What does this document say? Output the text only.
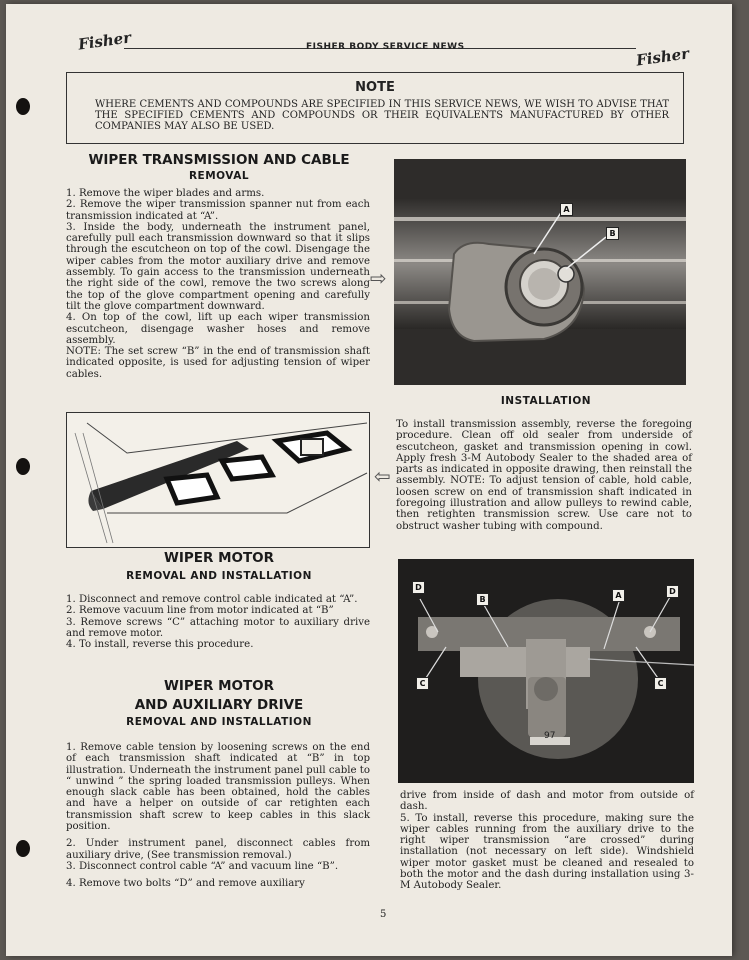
Fisher	FISHER BODY SERVICE NEWS	Fisher
NOTE
WHERE CEMENTS AND COMPOUNDS ARE SPECIFIED IN THIS SERVICE NEWS, WE WISH TO ADVISE THAT THE SPECIFIED CEMENTS AND COMPOUNDS OR THEIR EQUIVALENTS MANUFACTURED BY OTHER COMPANIES MAY ALSO BE USED.
WIPER TRANSMISSION AND CABLE
REMOVAL

1. Remove the wiper blades and arms.

2. Remove the wiper transmission spanner nut from each transmission indicated at “A”.

3. Inside the body, underneath the instrument panel, carefully pull each transmission downward so that it slips through the escutcheon on top of the cowl. Disengage the wiper cables from the motor auxiliary drive and remove assembly. To gain access to the transmission underneath the right side of the cowl, remove the two screws along the top of the glove compartment opening and carefully tilt the glove compartment downward.

4. On top of the cowl, lift up each wiper transmission escutcheon, disengage washer hoses and remove assembly.

NOTE: The set screw “B” in the end of transmission shaft indicated opposite, is used for adjusting tension of wiper cables.

A
B
⇨
INSTALLATION

To install transmission assembly, reverse the foregoing procedure. Clean off old sealer from underside of escutcheon, gasket and transmission opening in cowl. Apply fresh 3-M Autobody Sealer to the shaded area of parts as indicated in opposite drawing, then reinstall the assembly. NOTE: To adjust tension of cable, hold cable, loosen screw on end of transmission shaft indicated in foregoing illustration and allow pulleys to rewind cable, then retighten transmission screw. Use care not to obstruct washer tubing with compound.

⇦
WIPER MOTOR
REMOVAL AND INSTALLATION

1. Disconnect and remove control cable indicated at “A”.

2. Remove vacuum line from motor indicated at “B”

3. Remove screws “C” attaching motor to auxiliary drive and remove motor.

4. To install, reverse this procedure.

WIPER MOTOR
AND AUXILIARY DRIVE
REMOVAL AND INSTALLATION

1. Remove cable tension by loosening screws on the end of each transmission shaft indicated at “B” in top illustration. Underneath the instrument panel pull cable to “ unwind ” the spring loaded transmission pulleys. When enough slack cable has been obtained, hold the cables and have a helper on outside of car retighten each transmission shaft screw to keep cables in this slack position.

2. Under instrument panel, disconnect cables from auxiliary drive, (See transmission removal.)

3. Disconnect control cable “A” and vacuum line “B”.

4. Remove two bolts “D” and remove auxiliary

D
B	A	D
C	C
97

drive from inside of dash and motor from outside of dash.

5. To install, reverse this procedure, making sure the wiper cables running from the auxiliary drive to the right wiper transmission “are crossed” during installation (not necessary on left side). Windshield wiper motor gasket must be cleaned and resealed to both the motor and the dash during installation using 3-M Autobody Sealer.

5
